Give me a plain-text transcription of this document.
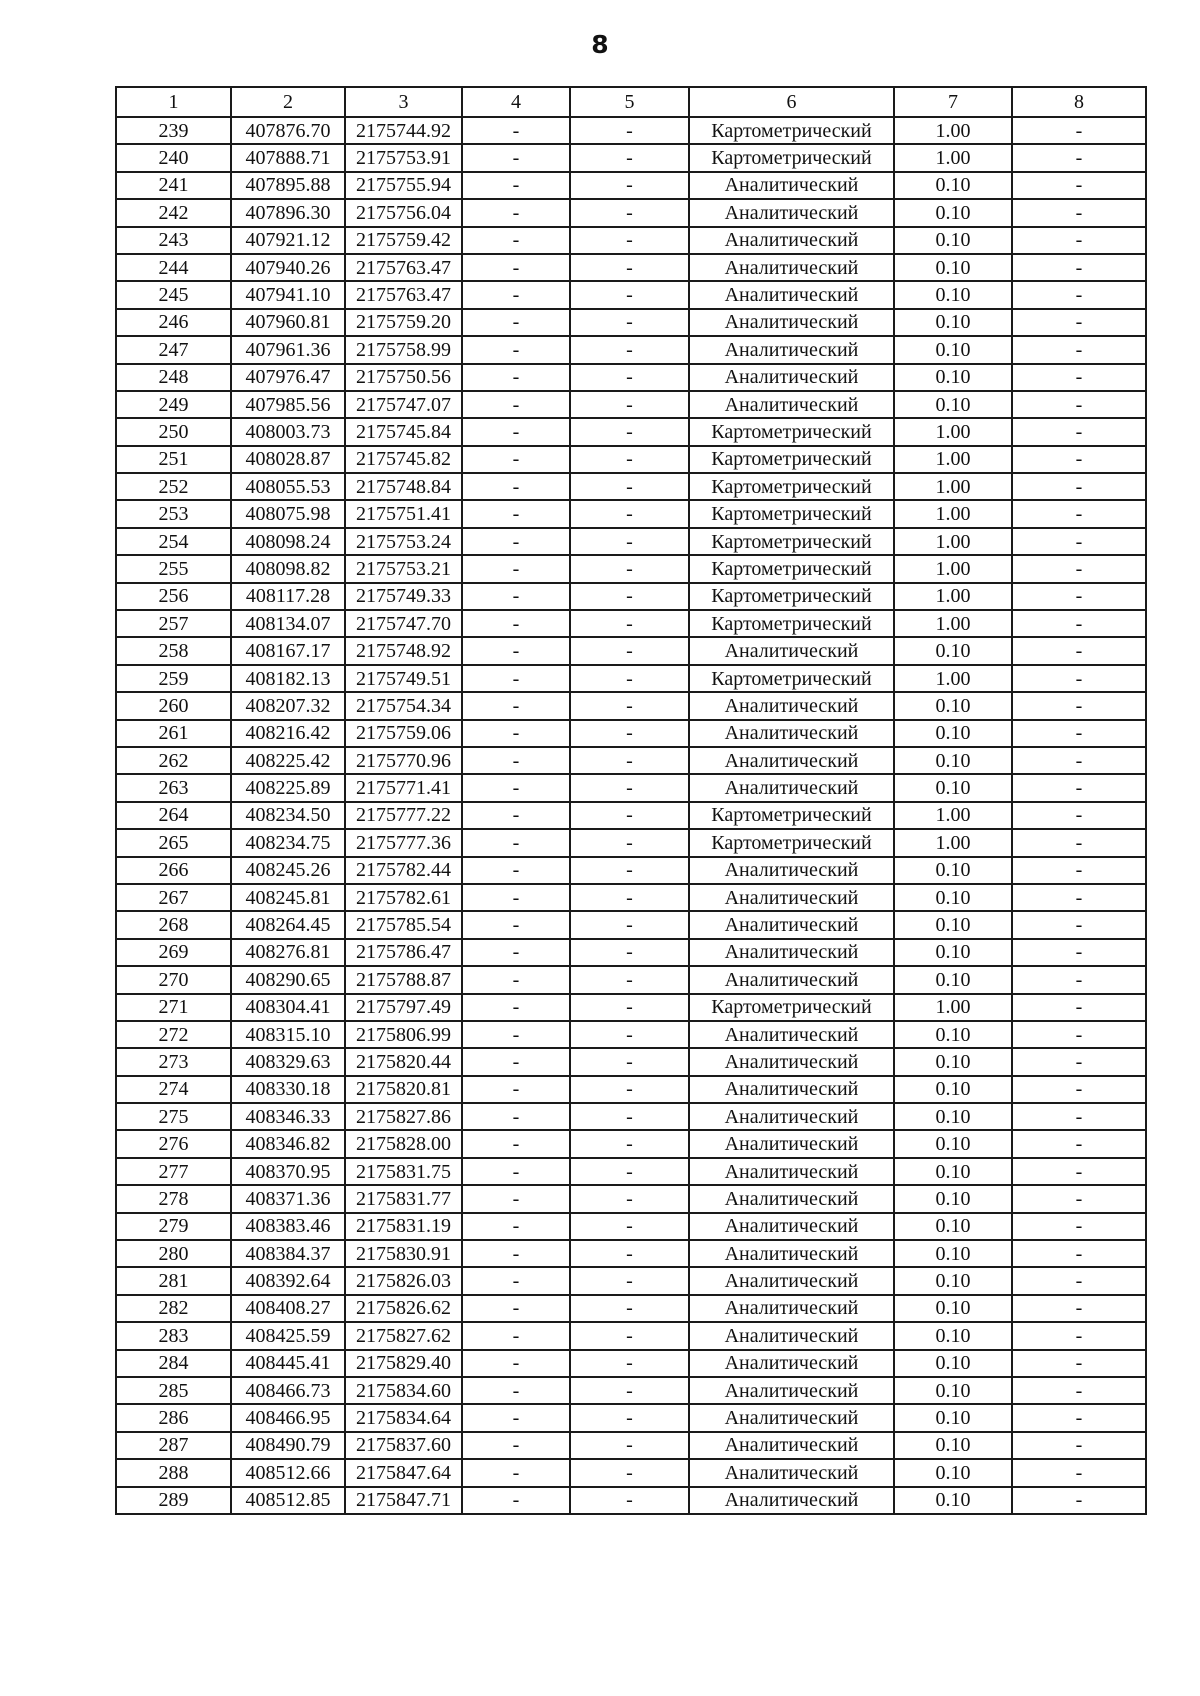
8
1	2	3	4	5	6	7	8
239	407876.70	2175744.92	-	-	Картометрический	1.00	-
240	407888.71	2175753.91	-	-	Картометрический	1.00	-
241	407895.88	2175755.94	-	-	Аналитический	0.10	-
242	407896.30	2175756.04	-	-	Аналитический	0.10	-
243	407921.12	2175759.42	-	-	Аналитический	0.10	-
244	407940.26	2175763.47	-	-	Аналитический	0.10	-
245	407941.10	2175763.47	-	-	Аналитический	0.10	-
246	407960.81	2175759.20	-	-	Аналитический	0.10	-
247	407961.36	2175758.99	-	-	Аналитический	0.10	-
248	407976.47	2175750.56	-	-	Аналитический	0.10	-
249	407985.56	2175747.07	-	-	Аналитический	0.10	-
250	408003.73	2175745.84	-	-	Картометрический	1.00	-
251	408028.87	2175745.82	-	-	Картометрический	1.00	-
252	408055.53	2175748.84	-	-	Картометрический	1.00	-
253	408075.98	2175751.41	-	-	Картометрический	1.00	-
254	408098.24	2175753.24	-	-	Картометрический	1.00	-
255	408098.82	2175753.21	-	-	Картометрический	1.00	-
256	408117.28	2175749.33	-	-	Картометрический	1.00	-
257	408134.07	2175747.70	-	-	Картометрический	1.00	-
258	408167.17	2175748.92	-	-	Аналитический	0.10	-
259	408182.13	2175749.51	-	-	Картометрический	1.00	-
260	408207.32	2175754.34	-	-	Аналитический	0.10	-
261	408216.42	2175759.06	-	-	Аналитический	0.10	-
262	408225.42	2175770.96	-	-	Аналитический	0.10	-
263	408225.89	2175771.41	-	-	Аналитический	0.10	-
264	408234.50	2175777.22	-	-	Картометрический	1.00	-
265	408234.75	2175777.36	-	-	Картометрический	1.00	-
266	408245.26	2175782.44	-	-	Аналитический	0.10	-
267	408245.81	2175782.61	-	-	Аналитический	0.10	-
268	408264.45	2175785.54	-	-	Аналитический	0.10	-
269	408276.81	2175786.47	-	-	Аналитический	0.10	-
270	408290.65	2175788.87	-	-	Аналитический	0.10	-
271	408304.41	2175797.49	-	-	Картометрический	1.00	-
272	408315.10	2175806.99	-	-	Аналитический	0.10	-
273	408329.63	2175820.44	-	-	Аналитический	0.10	-
274	408330.18	2175820.81	-	-	Аналитический	0.10	-
275	408346.33	2175827.86	-	-	Аналитический	0.10	-
276	408346.82	2175828.00	-	-	Аналитический	0.10	-
277	408370.95	2175831.75	-	-	Аналитический	0.10	-
278	408371.36	2175831.77	-	-	Аналитический	0.10	-
279	408383.46	2175831.19	-	-	Аналитический	0.10	-
280	408384.37	2175830.91	-	-	Аналитический	0.10	-
281	408392.64	2175826.03	-	-	Аналитический	0.10	-
282	408408.27	2175826.62	-	-	Аналитический	0.10	-
283	408425.59	2175827.62	-	-	Аналитический	0.10	-
284	408445.41	2175829.40	-	-	Аналитический	0.10	-
285	408466.73	2175834.60	-	-	Аналитический	0.10	-
286	408466.95	2175834.64	-	-	Аналитический	0.10	-
287	408490.79	2175837.60	-	-	Аналитический	0.10	-
288	408512.66	2175847.64	-	-	Аналитический	0.10	-
289	408512.85	2175847.71	-	-	Аналитический	0.10	-
